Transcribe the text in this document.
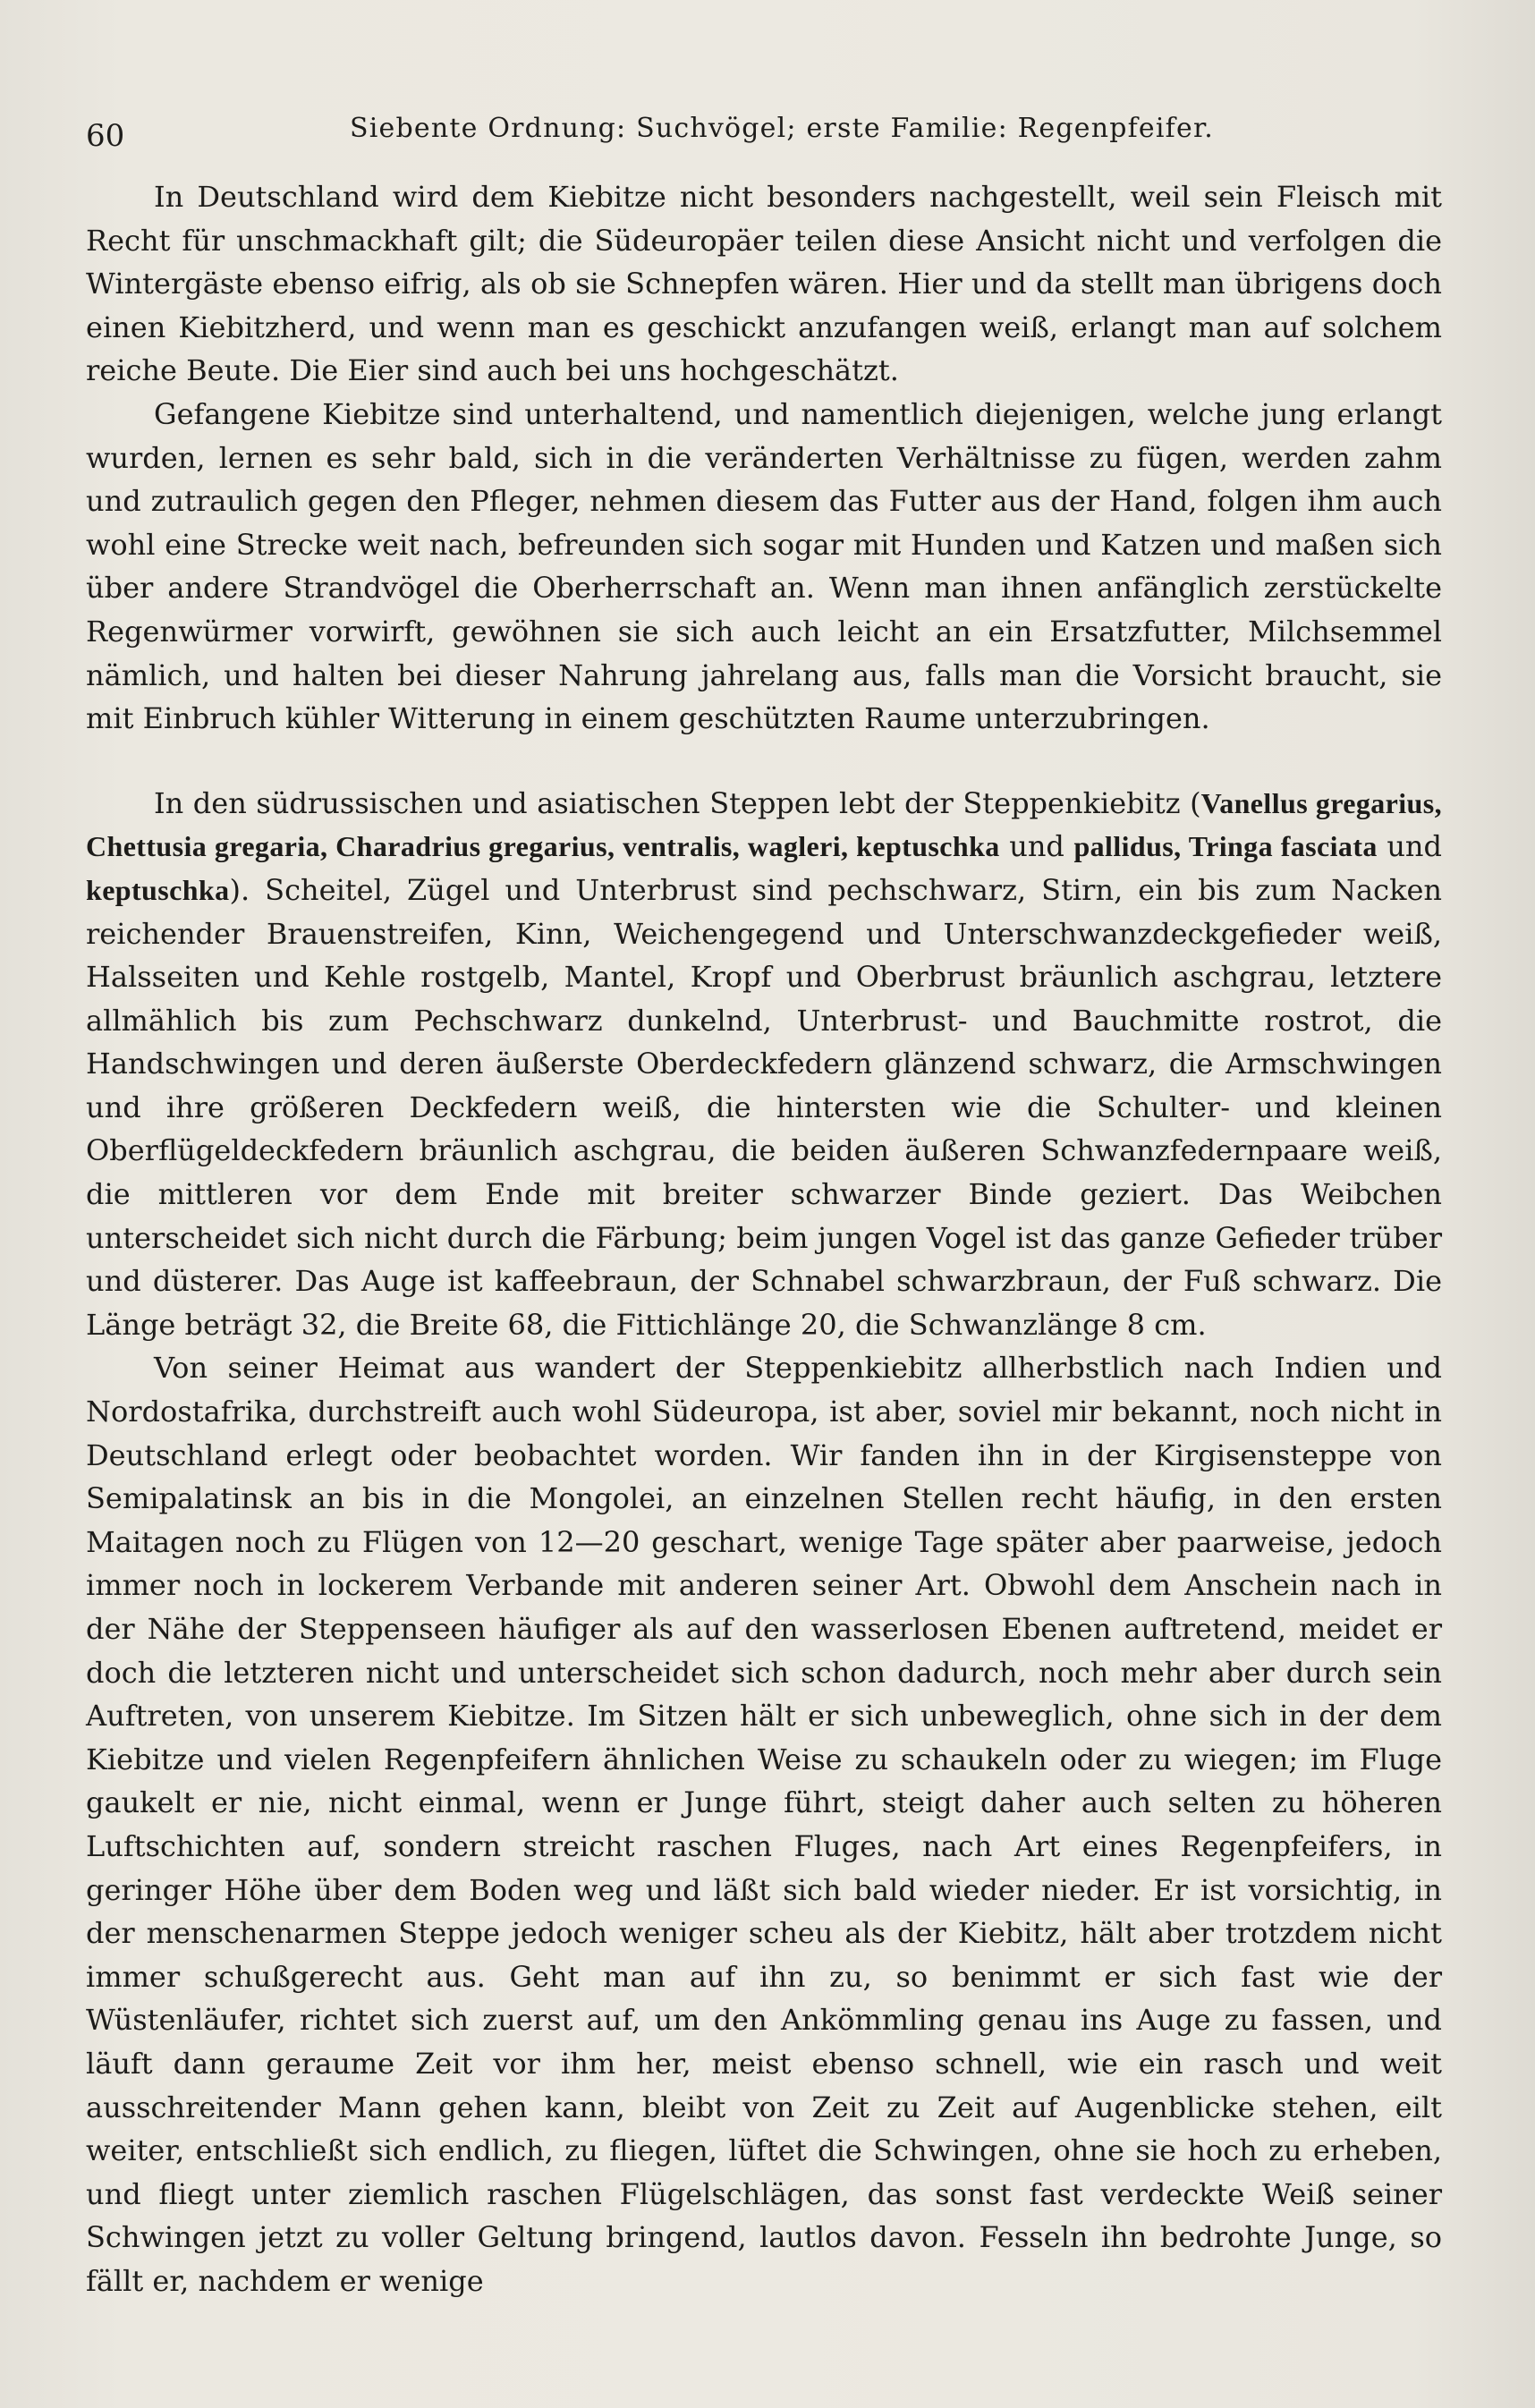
60	Siebente Ordnung: Suchvögel; erste Familie: Regenpfeifer.

In Deutschland wird dem Kiebitze nicht besonders nachgestellt, weil sein Fleisch mit Recht für unschmackhaft gilt; die Südeuropäer teilen diese Ansicht nicht und verfolgen die Wintergäste ebenso eifrig, als ob sie Schnepfen wären. Hier und da stellt man übrigens doch einen Kiebitzherd, und wenn man es geschickt anzufangen weiß, erlangt man auf solchem reiche Beute. Die Eier sind auch bei uns hochgeschätzt.

Gefangene Kiebitze sind unterhaltend, und namentlich diejenigen, welche jung erlangt wurden, lernen es sehr bald, sich in die veränderten Verhältnisse zu fügen, werden zahm und zutraulich gegen den Pfleger, nehmen diesem das Futter aus der Hand, folgen ihm auch wohl eine Strecke weit nach, befreunden sich sogar mit Hunden und Katzen und maßen sich über andere Strandvögel die Oberherrschaft an. Wenn man ihnen anfänglich zerstückelte Regenwürmer vorwirft, gewöhnen sie sich auch leicht an ein Ersatzfutter, Milchsemmel nämlich, und halten bei dieser Nahrung jahrelang aus, falls man die Vorsicht braucht, sie mit Einbruch kühler Witterung in einem geschützten Raume unterzubringen.

In den südrussischen und asiatischen Steppen lebt der Steppenkiebitz (Vanellus gregarius, Chettusia gregaria, Charadrius gregarius, ventralis, wagleri, keptuschka und pallidus, Tringa fasciata und keptuschka). Scheitel, Zügel und Unterbrust sind pechschwarz, Stirn, ein bis zum Nacken reichender Brauenstreifen, Kinn, Weichengegend und Unterschwanzdeckgefieder weiß, Halsseiten und Kehle rostgelb, Mantel, Kropf und Oberbrust bräunlich aschgrau, letztere allmählich bis zum Pechschwarz dunkelnd, Unterbrust- und Bauchmitte rostrot, die Handschwingen und deren äußerste Oberdeckfedern glänzend schwarz, die Armschwingen und ihre größeren Deckfedern weiß, die hintersten wie die Schulter- und kleinen Oberflügeldeckfedern bräunlich aschgrau, die beiden äußeren Schwanzfedernpaare weiß, die mittleren vor dem Ende mit breiter schwarzer Binde geziert. Das Weibchen unterscheidet sich nicht durch die Färbung; beim jungen Vogel ist das ganze Gefieder trüber und düsterer. Das Auge ist kaffeebraun, der Schnabel schwarzbraun, der Fuß schwarz. Die Länge beträgt 32, die Breite 68, die Fittichlänge 20, die Schwanzlänge 8 cm.

Von seiner Heimat aus wandert der Steppenkiebitz allherbstlich nach Indien und Nordostafrika, durchstreift auch wohl Südeuropa, ist aber, soviel mir bekannt, noch nicht in Deutschland erlegt oder beobachtet worden. Wir fanden ihn in der Kirgisensteppe von Semipalatinsk an bis in die Mongolei, an einzelnen Stellen recht häufig, in den ersten Maitagen noch zu Flügen von 12—20 geschart, wenige Tage später aber paarweise, jedoch immer noch in lockerem Verbande mit anderen seiner Art. Obwohl dem Anschein nach in der Nähe der Steppenseen häufiger als auf den wasserlosen Ebenen auftretend, meidet er doch die letzteren nicht und unterscheidet sich schon dadurch, noch mehr aber durch sein Auftreten, von unserem Kiebitze. Im Sitzen hält er sich unbeweglich, ohne sich in der dem Kiebitze und vielen Regenpfeifern ähnlichen Weise zu schaukeln oder zu wiegen; im Fluge gaukelt er nie, nicht einmal, wenn er Junge führt, steigt daher auch selten zu höheren Luftschichten auf, sondern streicht raschen Fluges, nach Art eines Regenpfeifers, in geringer Höhe über dem Boden weg und läßt sich bald wieder nieder. Er ist vorsichtig, in der menschenarmen Steppe jedoch weniger scheu als der Kiebitz, hält aber trotzdem nicht immer schußgerecht aus. Geht man auf ihn zu, so benimmt er sich fast wie der Wüstenläufer, richtet sich zuerst auf, um den Ankömmling genau ins Auge zu fassen, und läuft dann geraume Zeit vor ihm her, meist ebenso schnell, wie ein rasch und weit ausschreitender Mann gehen kann, bleibt von Zeit zu Zeit auf Augenblicke stehen, eilt weiter, entschließt sich endlich, zu fliegen, lüftet die Schwingen, ohne sie hoch zu erheben, und fliegt unter ziemlich raschen Flügelschlägen, das sonst fast verdeckte Weiß seiner Schwingen jetzt zu voller Geltung bringend, lautlos davon. Fesseln ihn bedrohte Junge, so fällt er, nachdem er wenige
